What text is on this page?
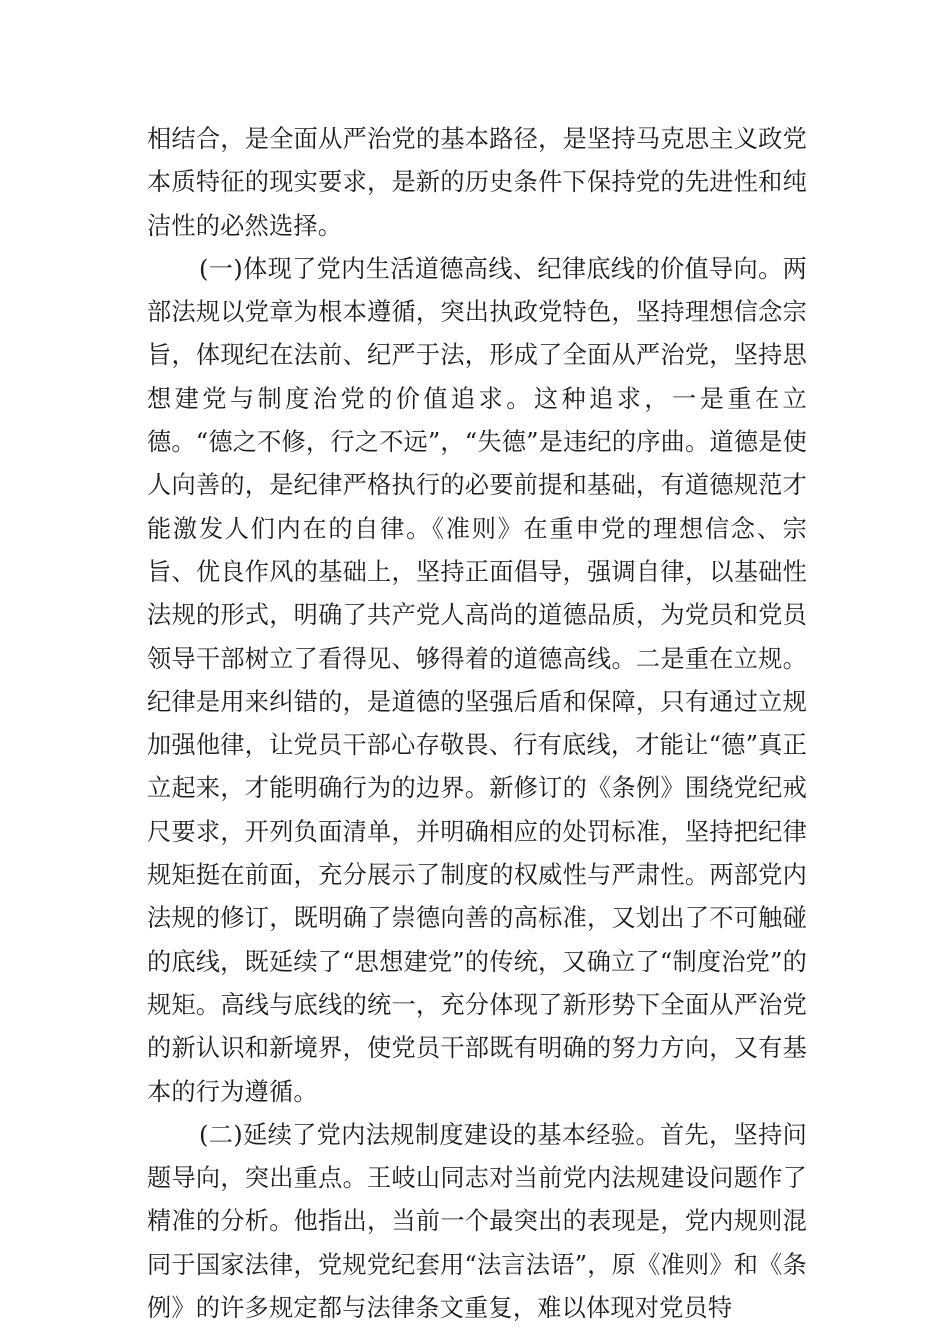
相结合，是全面从严治党的基本路径，是坚持马克思主义政党本质特征的现实要求，是新的历史条件下保持党的先进性和纯洁性的必然选择。

(一)体现了党内生活道德高线、纪律底线的价值导向。两部法规以党章为根本遵循，突出执政党特色，坚持理想信念宗旨，体现纪在法前、纪严于法，形成了全面从严治党，坚持思想建党与制度治党的价值追求。这种追求，一是重在立德。“德之不修，行之不远”，“失德”是违纪的序曲。道德是使人向善的，是纪律严格执行的必要前提和基础，有道德规范才能激发人们内在的自律。《准则》在重申党的理想信念、宗旨、优良作风的基础上，坚持正面倡导，强调自律，以基础性法规的形式，明确了共产党人高尚的道德品质，为党员和党员领导干部树立了看得见、够得着的道德高线。二是重在立规。纪律是用来纠错的，是道德的坚强后盾和保障，只有通过立规加强他律，让党员干部心存敬畏、行有底线，才能让“德”真正立起来，才能明确行为的边界。新修订的《条例》围绕党纪戒尺要求，开列负面清单，并明确相应的处罚标准，坚持把纪律规矩挺在前面，充分展示了制度的权威性与严肃性。两部党内法规的修订，既明确了崇德向善的高标准，又划出了不可触碰的底线，既延续了“思想建党”的传统，又确立了“制度治党”的规矩。高线与底线的统一，充分体现了新形势下全面从严治党的新认识和新境界，使党员干部既有明确的努力方向，又有基本的行为遵循。

(二)延续了党内法规制度建设的基本经验。首先，坚持问题导向，突出重点。王岐山同志对当前党内法规建设问题作了精准的分析。他指出，当前一个最突出的表现是，党内规则混同于国家法律，党规党纪套用“法言法语”，原《准则》和《条例》的许多规定都与法律条文重复，难以体现对党员特
